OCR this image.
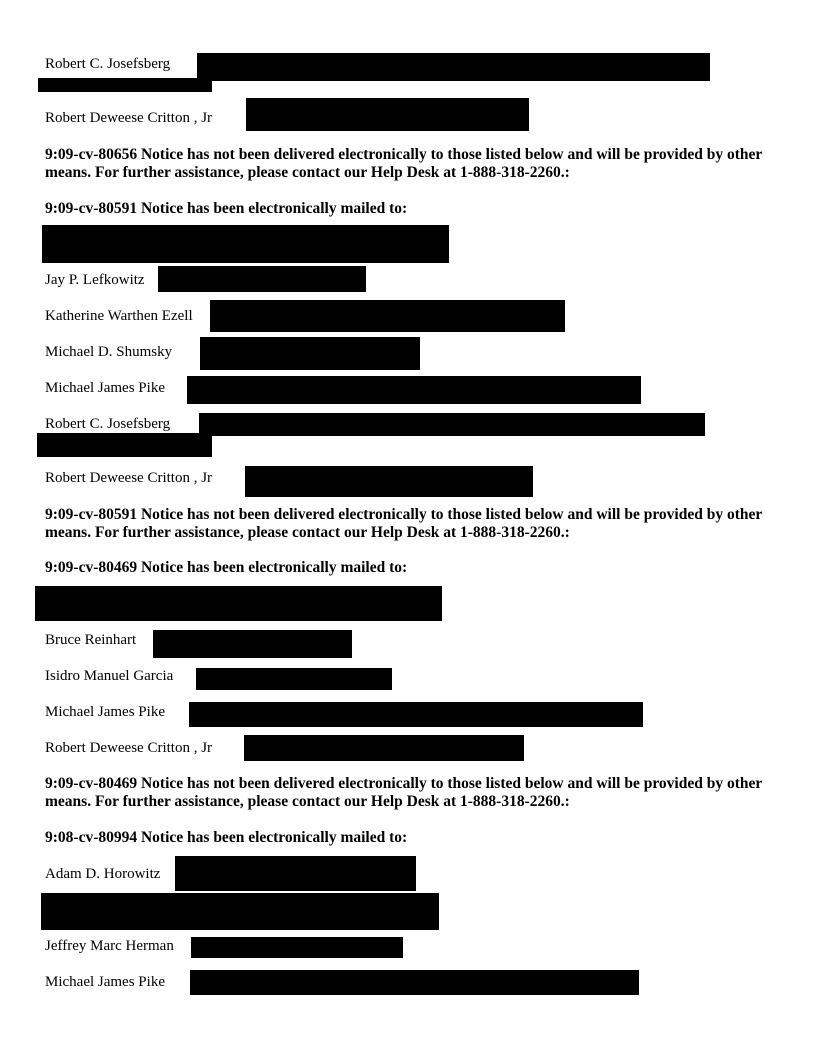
Robert C. Josefsberg
Robert Deweese Critton , Jr
9:09-cv-80656 Notice has not been delivered electronically to those listed below and will be provided by other means. For further assistance, please contact our Help Desk at 1-888-318-2260.:
9:09-cv-80591 Notice has been electronically mailed to:
Jay P. Lefkowitz
Katherine Warthen Ezell
Michael D. Shumsky
Michael James Pike
Robert C. Josefsberg
Robert Deweese Critton , Jr
9:09-cv-80591 Notice has not been delivered electronically to those listed below and will be provided by other means. For further assistance, please contact our Help Desk at 1-888-318-2260.:
9:09-cv-80469 Notice has been electronically mailed to:
Bruce Reinhart
Isidro Manuel Garcia
Michael James Pike
Robert Deweese Critton , Jr
9:09-cv-80469 Notice has not been delivered electronically to those listed below and will be provided by other means. For further assistance, please contact our Help Desk at 1-888-318-2260.:
9:08-cv-80994 Notice has been electronically mailed to:
Adam D. Horowitz
Jeffrey Marc Herman
Michael James Pike
